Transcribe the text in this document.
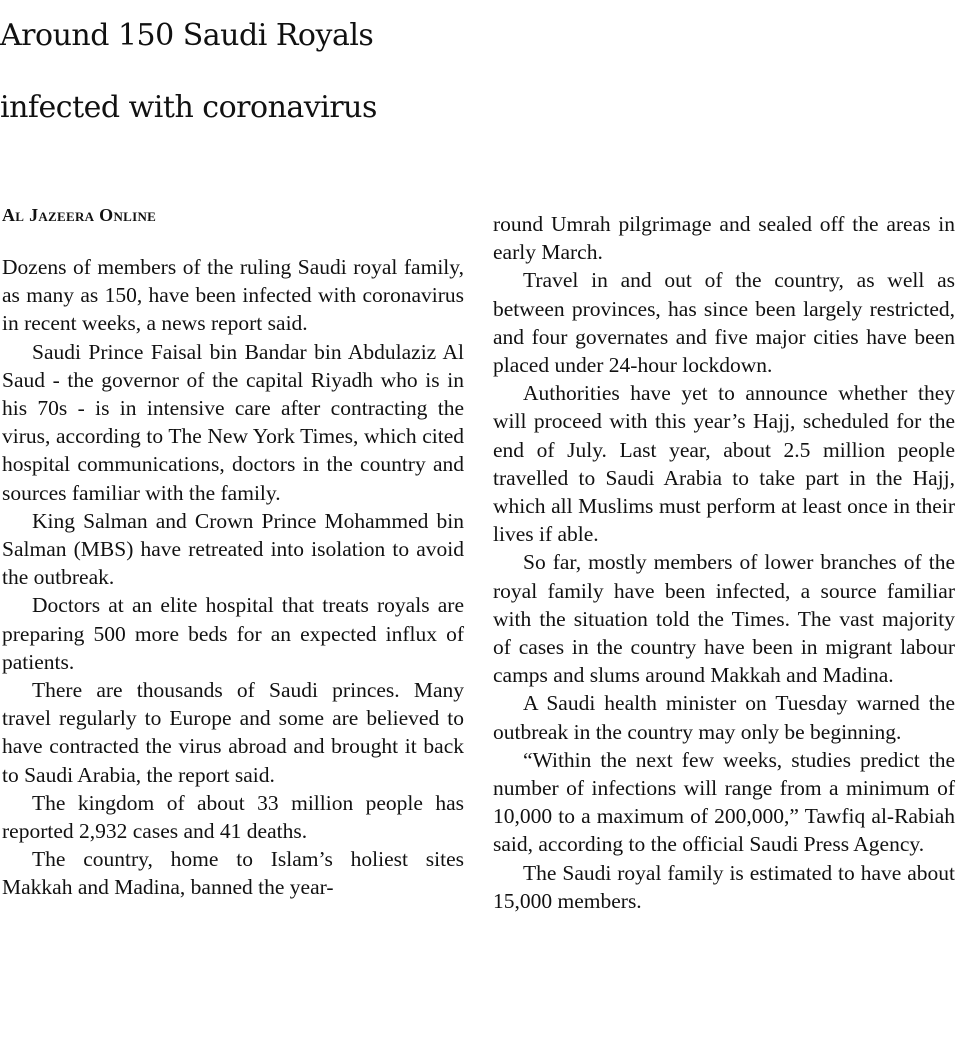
Around 150 Saudi Royals
infected with coronavirus
Al Jazeera Online

Dozens of members of the ruling Saudi royal family, as many as 150, have been infected with coronavirus in recent weeks, a news report said.

Saudi Prince Faisal bin Bandar bin Abdulaziz Al Saud - the governor of the capital Riyadh who is in his 70s - is in intensive care after contracting the virus, according to The New York Times, which cited hospital communications, doctors in the country and sources familiar with the family.

King Salman and Crown Prince Mohammed bin Salman (MBS) have retreated into isolation to avoid the outbreak.

Doctors at an elite hospital that treats royals are preparing 500 more beds for an expected influx of patients.

There are thousands of Saudi princes. Many travel regularly to Europe and some are believed to have contracted the virus abroad and brought it back to Saudi Arabia, the report said.

The kingdom of about 33 million people has reported 2,932 cases and 41 deaths.

The country, home to Islam’s holiest sites Makkah and Madina, banned the year-

round Umrah pilgrimage and sealed off the areas in early March.

Travel in and out of the country, as well as between provinces, has since been largely restricted, and four governates and five major cities have been placed under 24-hour lockdown.

Authorities have yet to announce whether they will proceed with this year’s Hajj, scheduled for the end of July. Last year, about 2.5 million people travelled to Saudi Arabia to take part in the Hajj, which all Muslims must perform at least once in their lives if able.

So far, mostly members of lower branches of the royal family have been infected, a source familiar with the situation told the Times. The vast majority of cases in the country have been in migrant labour camps and slums around Makkah and Madina.

A Saudi health minister on Tuesday warned the outbreak in the country may only be beginning.

“Within the next few weeks, studies predict the number of infections will range from a minimum of 10,000 to a maximum of 200,000,” Tawfiq al-Rabiah said, according to the official Saudi Press Agency.

The Saudi royal family is estimated to have about 15,000 members.
